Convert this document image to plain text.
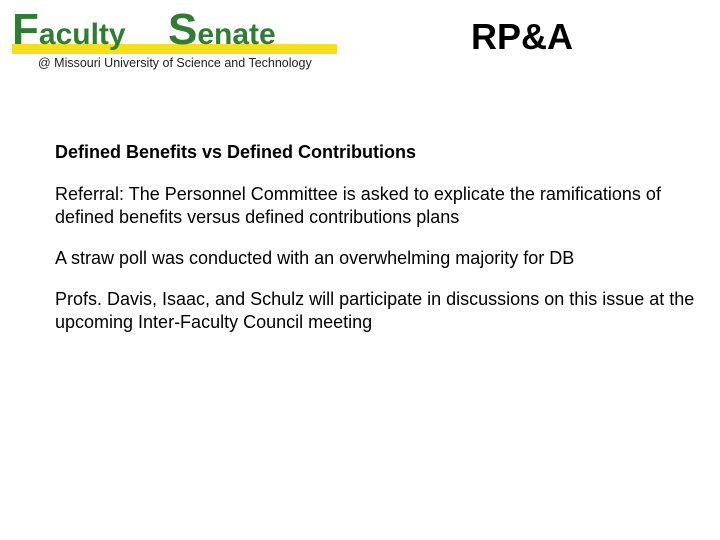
Faculty Senate
@ Missouri University of Science and Technology
RP&A

Defined Benefits vs Defined Contributions

Referral: The Personnel Committee is asked to explicate the ramifications of defined benefits versus defined contributions plans

A straw poll was conducted with an overwhelming majority for DB

Profs. Davis, Isaac, and Schulz will participate in discussions on this issue at the upcoming Inter-Faculty Council meeting
